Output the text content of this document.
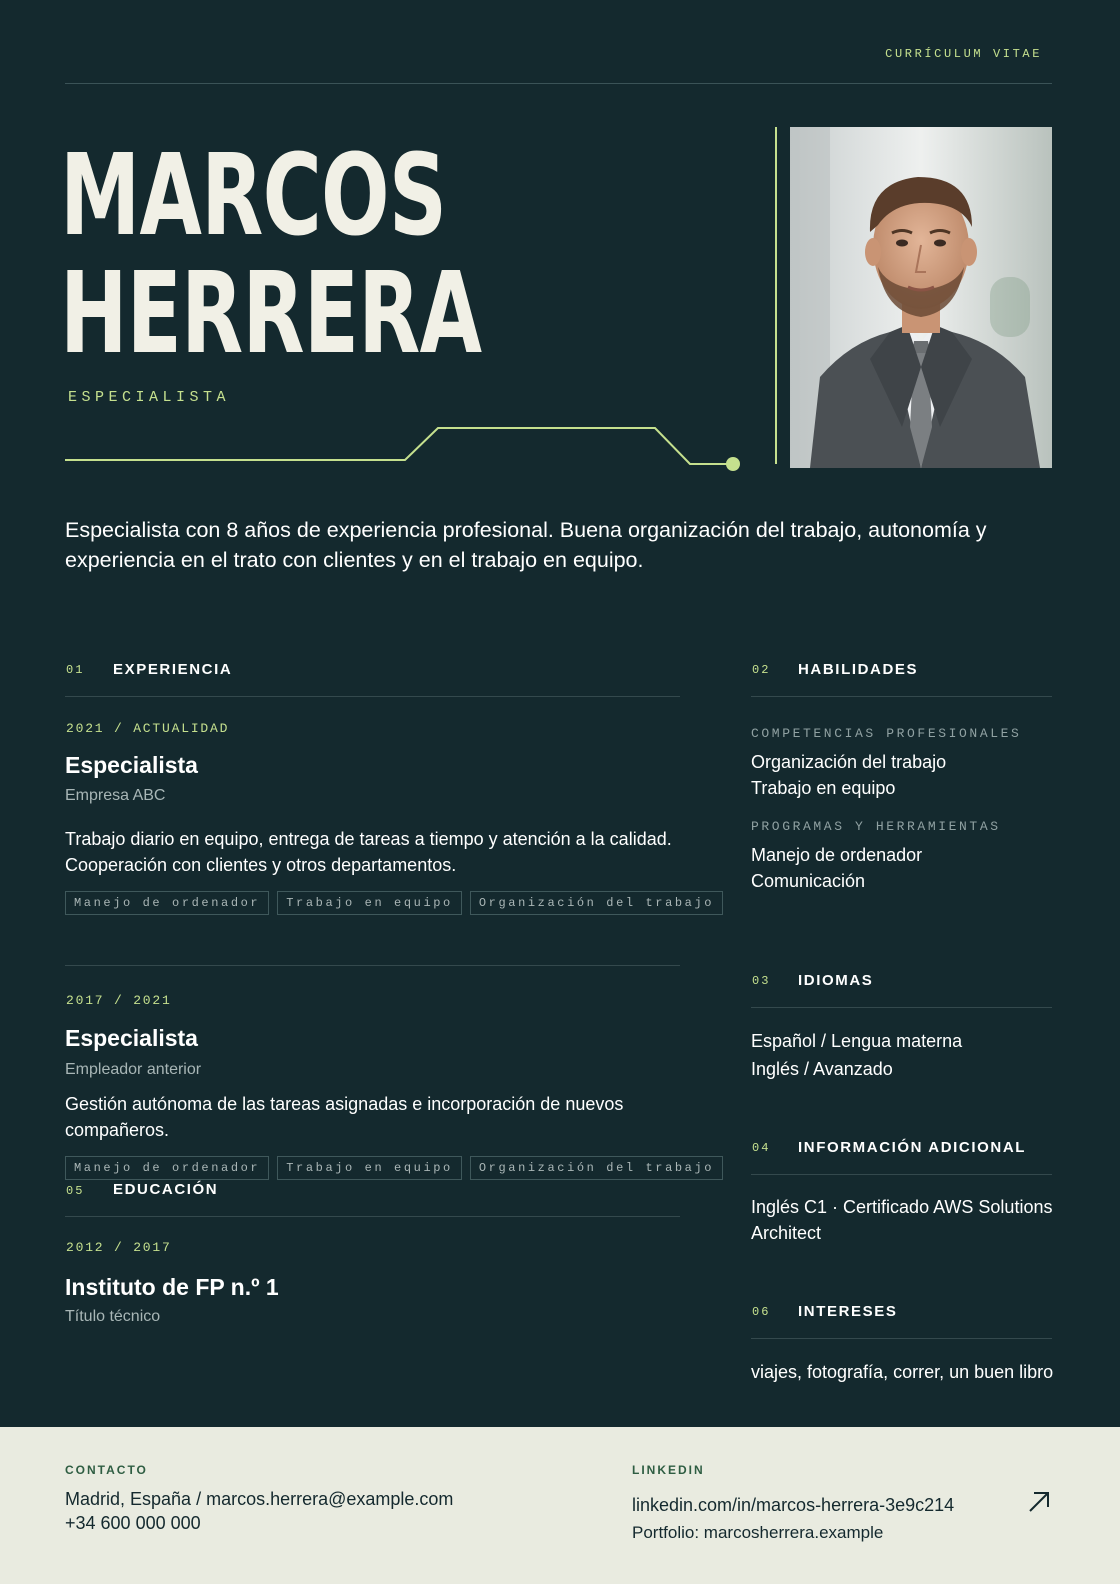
CURRÍCULUM VITAE
MARCOS
HERRERA
ESPECIALISTA
Especialista con 8 años de experiencia profesional. Buena organización del trabajo, autonomía y experiencia en el trato con clientes y en el trabajo en equipo.
01 EXPERIENCIA
2021 / ACTUALIDAD
Especialista
Empresa ABC
Trabajo diario en equipo, entrega de tareas a tiempo y atención a la calidad. Cooperación con clientes y otros departamentos.
Manejo de ordenador	Trabajo en equipo	Organización del trabajo
2017 / 2021
Especialista
Empleador anterior
Gestión autónoma de las tareas asignadas e incorporación de nuevos compañeros.
Manejo de ordenador	Trabajo en equipo	Organización del trabajo
05 EDUCACIÓN
2012 / 2017
Instituto de FP n.º 1
Título técnico
02 HABILIDADES
COMPETENCIAS PROFESIONALES
Organización del trabajo
Trabajo en equipo
PROGRAMAS Y HERRAMIENTAS
Manejo de ordenador
Comunicación
03 IDIOMAS
Español / Lengua materna
Inglés / Avanzado
04 INFORMACIÓN ADICIONAL
Inglés C1 · Certificado AWS Solutions Architect
06 INTERESES
viajes, fotografía, correr, un buen libro
CONTACTO
Madrid, España / marcos.herrera@example.com
+34 600 000 000
LINKEDIN
linkedin.com/in/marcos-herrera-3e9c214
Portfolio: marcosherrera.example
